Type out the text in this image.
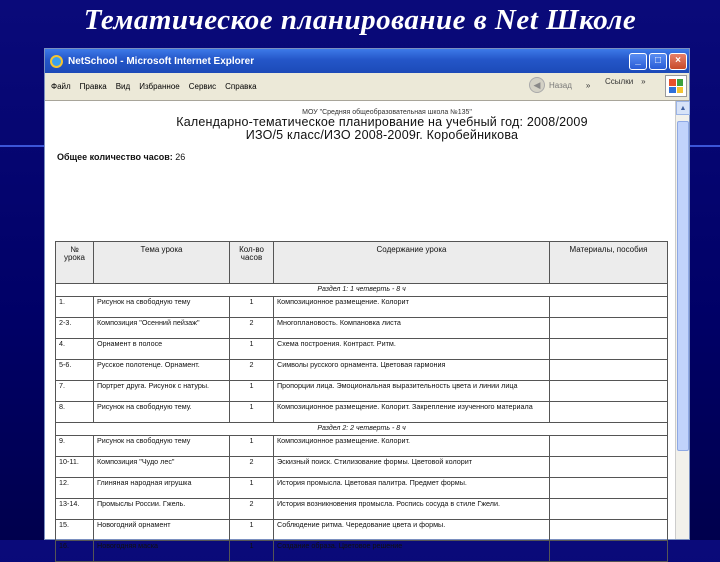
Тематическое планирование в Net Школе
NetSchool - Microsoft Internet Explorer	_	□	×
Файл Правка Вид Избранное Сервис Справка	◀	Назад » Ссылки »
МОУ "Средняя общеобразовательная школа №135"
Календарно-тематическое планирование на учебный год: 2008/2009
ИЗО/5 класс/ИЗО 2008-2009г. Коробейникова
Общее количество часов: 26
№ урока	Тема урока	Кол-во часов	Содержание урока	Материалы, пособия
Раздел 1: 1 четверть - 8 ч				
1.	Рисунок на свободную тему	1	Композиционное размещение. Колорит	
2-3.	Композиция "Осенний пейзаж"	2	Многоплановость. Компановка листа	
4.	Орнамент в полосе	1	Схема построения. Контраст. Ритм.	
5-6.	Русское полотенце. Орнамент.	2	Символы русского орнамента. Цветовая гармония	
7.	Портрет друга. Рисунок с натуры.	1	Пропорции лица. Эмоциональная выразительность цвета и линии лица	
8.	Рисунок на свободную тему.	1	Композиционное размещение. Колорит. Закрепление изученного материала	
Раздел 2: 2 четверть - 8 ч				
9.	Рисунок на свободную тему	1	Композиционное размещение. Колорит.	
10-11.	Композиция "Чудо лес"	2	Эскизный поиск. Стилизование формы. Цветовой колорит	
12.	Глиняная народная игрушка	1	История промысла. Цветовая палитра. Предмет формы.	
13-14.	Промыслы России. Гжель.	2	История возникновения промысла. Роспись сосуда в стиле Гжели.	
15.	Новогодний орнамент	1	Соблюдение ритма. Чередование цвета и формы.	
16.	Новогодняя маска	1	Создание образа. Цветовое решение	
▲
